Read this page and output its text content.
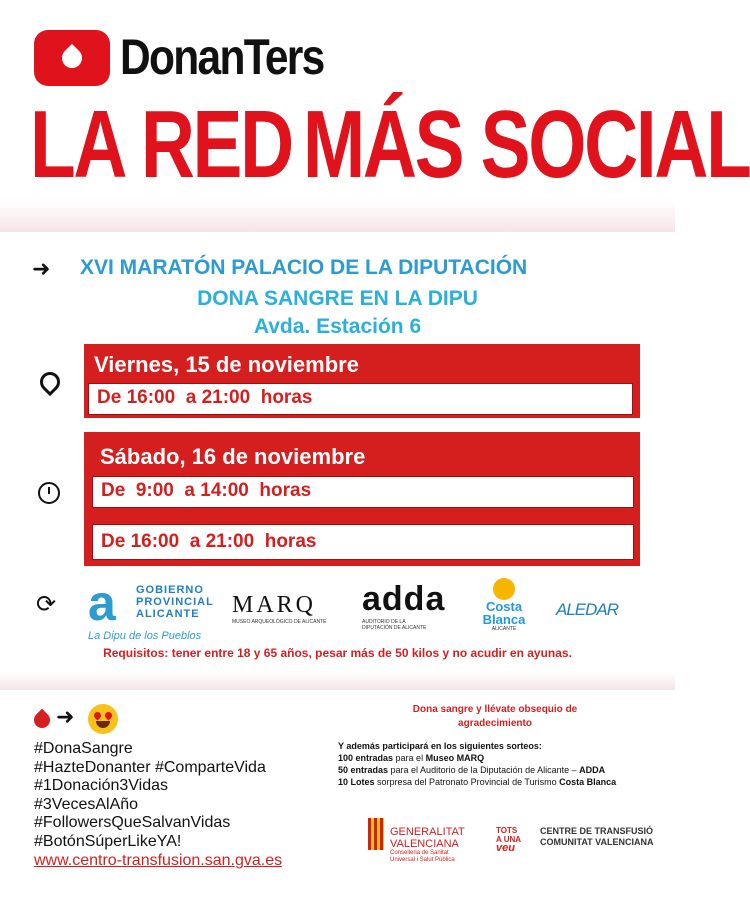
DonanTers
LA RED MÁS SOCIAL
➜ XVI MARATÓN PALACIO DE LA DIPUTACIÓN
DONA SANGRE EN LA DIPU
Avda. Estación 6
⟳
Viernes, 15 de noviembre
De 16:00  a 21:00  horas
Sábado, 16 de noviembre
De  9:00  a 14:00  horas
De 16:00  a 21:00  horas
a	GOBIERNO
PROVINCIAL
ALICANTE
La Dipu de los Pueblos
MARQ
MUSEO ARQUEOLÓGICO DE ALICANTE
adda
AUDITORIO DE LA
DIPUTACIÓN DE ALICANTE
Costa
Blanca
ALICANTE
ALEDAR
Requisitos: tener entre 18 y 65 años, pesar más de 50 kilos y no acudir en ayunas.
➜
#DonaSangre
#HazteDonanter #ComparteVida
#1Donación3Vidas
#3VecesAlAño
#FollowersQueSalvanVidas
#BotónSúperLikeYA!
www.centro-transfusion.san.gva.es
Dona sangre y llévate obsequio de agradecimiento
Y además participará en los siguientes sorteos:
100 entradas para el Museo MARQ
50 entradas para el Auditorio de la Diputación de Alicante – ADDA
10 Lotes sorpresa del Patronato Provincial de Turismo Costa Blanca
GENERALITAT
VALENCIANA
Conselleria de Sanitat
Universal i Salut Pública
TOTS
A UNA
veu
CENTRE DE TRANSFUSIÓ
COMUNITAT VALENCIANA
